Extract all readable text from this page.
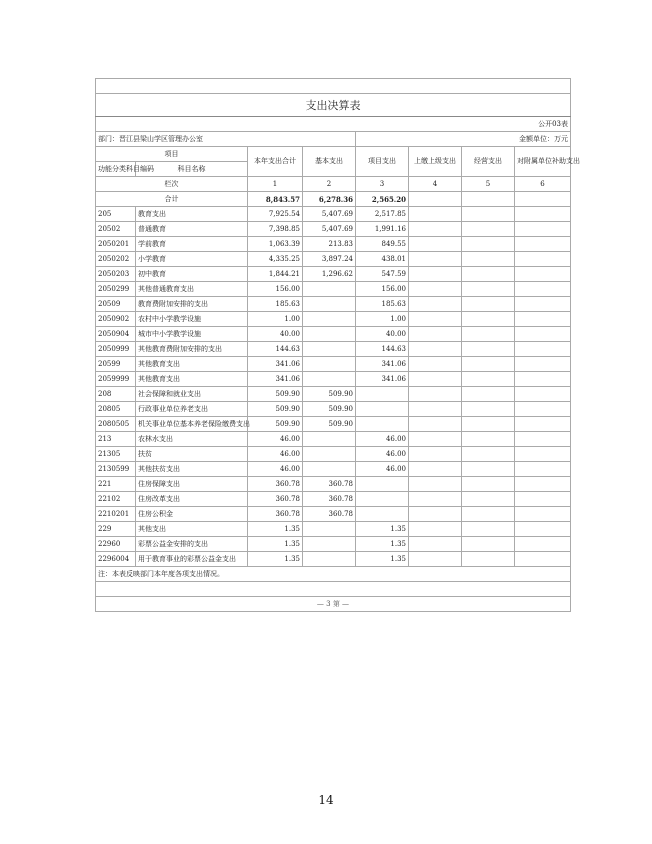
支出决算表							
公开03表							
部门：晋江县梁山学区管理办公室				金额单位：万元			
项目		本年支出合计	基本支出	项目支出	上缴上级支出	经营支出	对附属单位补助支出
功能分类科目编码	科目名称						
栏次		1	2	3	4	5	6
合计		8,843.57	6,278.36	2,565.20			
205	教育支出	7,925.54	5,407.69	2,517.85			
20502	普通教育	7,398.85	5,407.69	1,991.16			
2050201	学前教育	1,063.39	213.83	849.55			
2050202	小学教育	4,335.25	3,897.24	438.01			
2050203	初中教育	1,844.21	1,296.62	547.59			
2050299	其他普通教育支出	156.00		156.00			
20509	教育费附加安排的支出	185.63		185.63			
2050902	农村中小学教学设施	1.00		1.00			
2050904	城市中小学教学设施	40.00		40.00			
2050999	其他教育费附加安排的支出	144.63		144.63			
20599	其他教育支出	341.06		341.06			
2059999	其他教育支出	341.06		341.06			
208	社会保障和就业支出	509.90	509.90				
20805	行政事业单位养老支出	509.90	509.90				
2080505	机关事业单位基本养老保险缴费支出	509.90	509.90				
213	农林水支出	46.00		46.00			
21305	扶贫	46.00		46.00			
2130599	其他扶贫支出	46.00		46.00			
221	住房保障支出	360.78	360.78				
22102	住房改革支出	360.78	360.78				
2210201	住房公积金	360.78	360.78				
229	其他支出	1.35		1.35			
22960	彩票公益金安排的支出	1.35		1.35			
2296004	用于教育事业的彩票公益金支出	1.35		1.35			
注：本表反映部门本年度各项支出情况。							

— 3 第 —							
14
